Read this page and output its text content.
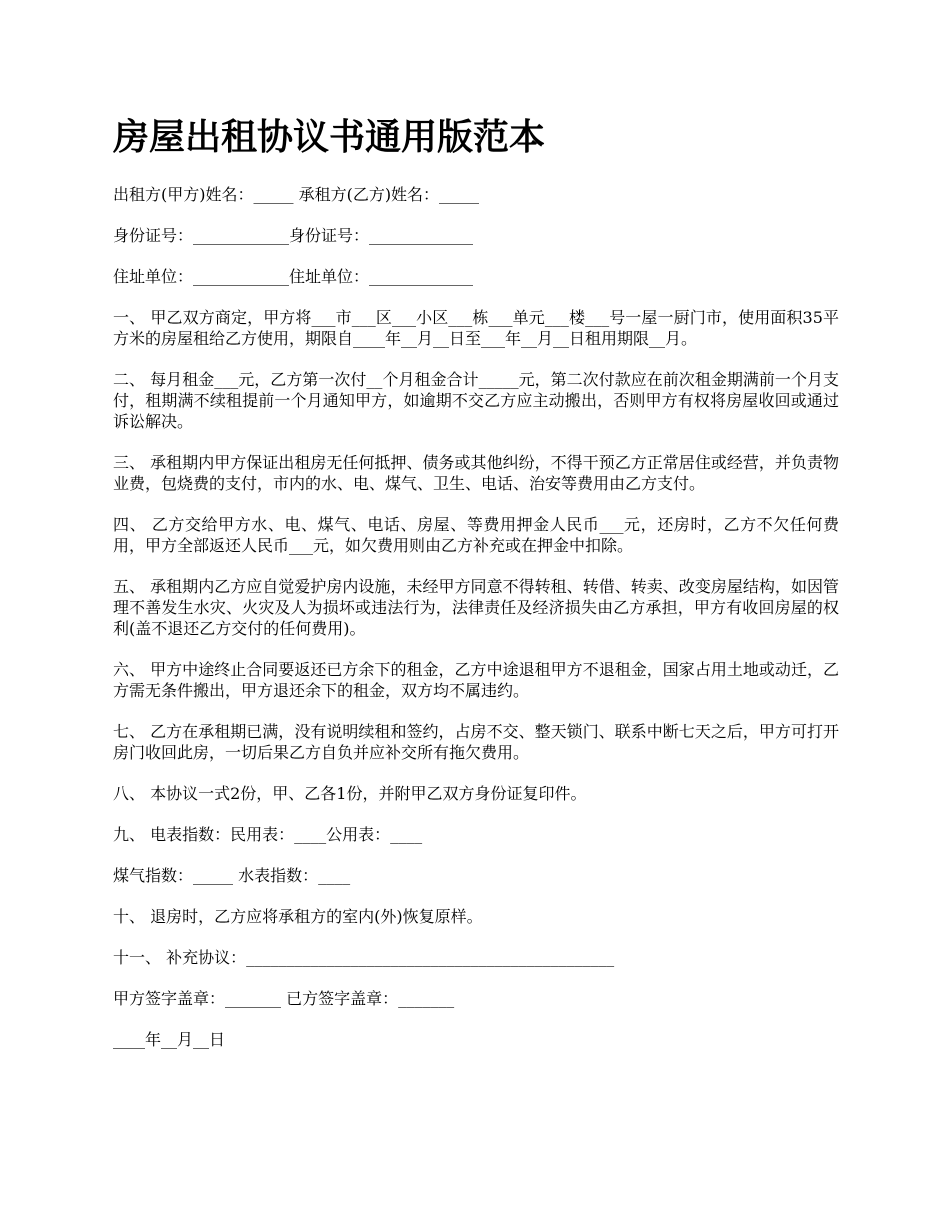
房屋出租协议书通用版范本

出租方(甲方)姓名：_____ 承租方(乙方)姓名：_____

身份证号：____________身份证号：_____________

住址单位：____________住址单位：_____________

一、 甲乙双方商定，甲方将___市___区___小区___栋___单元___楼___号一屋一厨门市，使用面积35平方米的房屋租给乙方使用，期限自____年__月__日至___年__月__日租用期限__月。

二、 每月租金___元，乙方第一次付__个月租金合计_____元，第二次付款应在前次租金期满前一个月支付，租期满不续租提前一个月通知甲方，如逾期不交乙方应主动搬出，否则甲方有权将房屋收回或通过诉讼解决。

三、 承租期内甲方保证出租房无任何抵押、债务或其他纠纷，不得干预乙方正常居住或经营，并负责物业费，包烧费的支付，市内的水、电、煤气、卫生、电话、治安等费用由乙方支付。

四、 乙方交给甲方水、电、煤气、电话、房屋、等费用押金人民币___元，还房时，乙方不欠任何费用，甲方全部返还人民币___元，如欠费用则由乙方补充或在押金中扣除。

五、 承租期内乙方应自觉爱护房内设施，未经甲方同意不得转租、转借、转卖、改变房屋结构，如因管理不善发生水灾、火灾及人为损坏或违法行为，法律责任及经济损失由乙方承担，甲方有收回房屋的权利(盖不退还乙方交付的任何费用)。

六、 甲方中途终止合同要返还已方余下的租金，乙方中途退租甲方不退租金，国家占用土地或动迁，乙方需无条件搬出，甲方退还余下的租金，双方均不属违约。

七、 乙方在承租期已满，没有说明续租和签约，占房不交、整天锁门、联系中断七天之后，甲方可打开房门收回此房，一切后果乙方自负并应补交所有拖欠费用。

八、 本协议一式2份，甲、乙各1份，并附甲乙双方身份证复印件。

九、 电表指数：民用表：____公用表：____

煤气指数：_____ 水表指数：____

十、 退房时，乙方应将承租方的室内(外)恢复原样。

十一、 补充协议：______________________________________________

甲方签字盖章：_______ 已方签字盖章：_______

____年__月__日
